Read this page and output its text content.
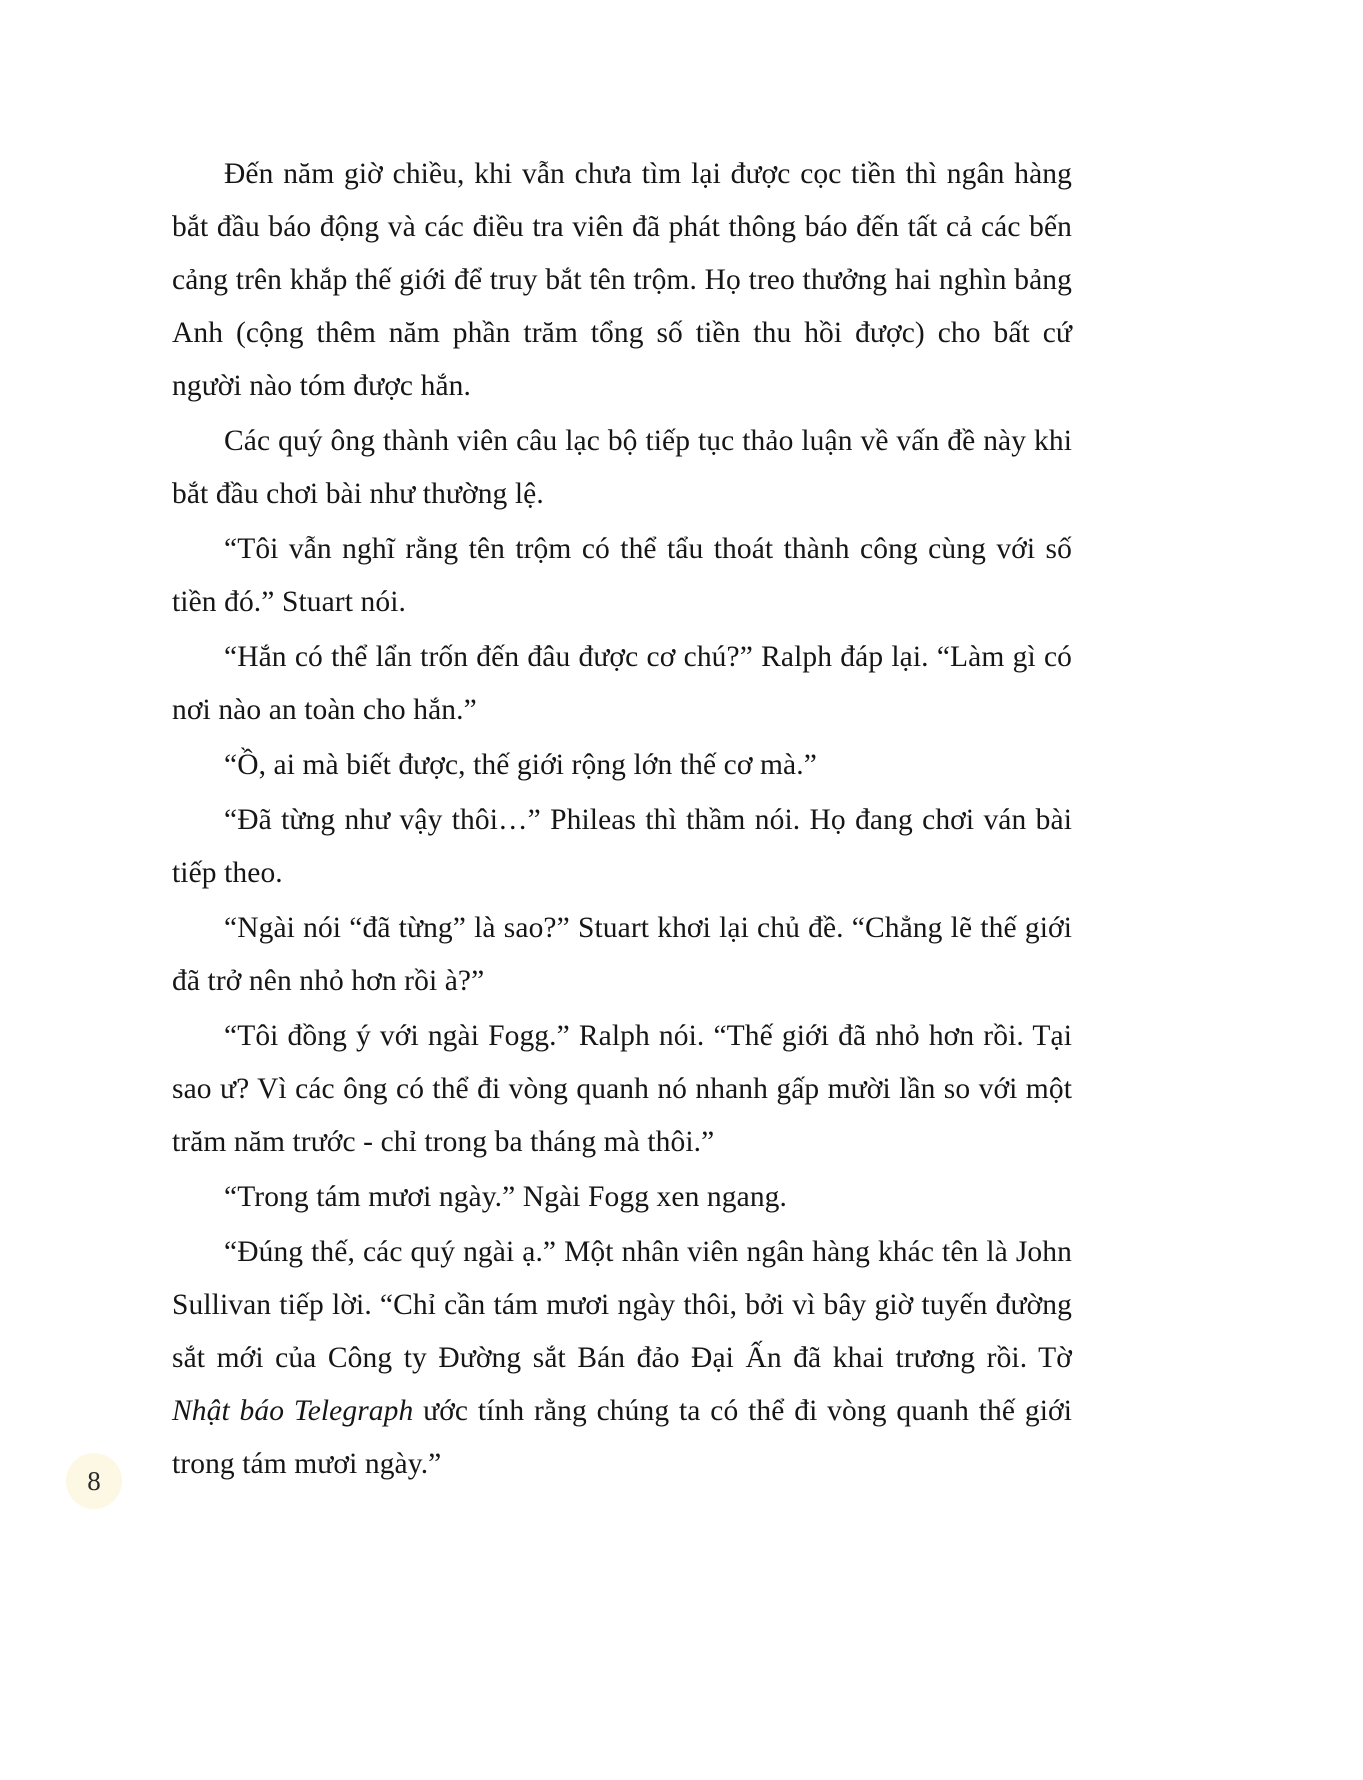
Đến năm giờ chiều, khi vẫn chưa tìm lại được cọc tiền thì ngân hàng bắt đầu báo động và các điều tra viên đã phát thông báo đến tất cả các bến cảng trên khắp thế giới để truy bắt tên trộm. Họ treo thưởng hai nghìn bảng Anh (cộng thêm năm phần trăm tổng số tiền thu hồi được) cho bất cứ người nào tóm được hắn.

Các quý ông thành viên câu lạc bộ tiếp tục thảo luận về vấn đề này khi bắt đầu chơi bài như thường lệ.

“Tôi vẫn nghĩ rằng tên trộm có thể tẩu thoát thành công cùng với số tiền đó.” Stuart nói.

“Hắn có thể lẩn trốn đến đâu được cơ chú?” Ralph đáp lại. “Làm gì có nơi nào an toàn cho hắn.”

“Ồ, ai mà biết được, thế giới rộng lớn thế cơ mà.”

“Đã từng như vậy thôi…” Phileas thì thầm nói. Họ đang chơi ván bài tiếp theo.

“Ngài nói “đã từng” là sao?” Stuart khơi lại chủ đề. “Chẳng lẽ thế giới đã trở nên nhỏ hơn rồi à?”

“Tôi đồng ý với ngài Fogg.” Ralph nói. “Thế giới đã nhỏ hơn rồi. Tại sao ư? Vì các ông có thể đi vòng quanh nó nhanh gấp mười lần so với một trăm năm trước - chỉ trong ba tháng mà thôi.”

“Trong tám mươi ngày.” Ngài Fogg xen ngang.

“Đúng thế, các quý ngài ạ.” Một nhân viên ngân hàng khác tên là John Sullivan tiếp lời. “Chỉ cần tám mươi ngày thôi, bởi vì bây giờ tuyến đường sắt mới của Công ty Đường sắt Bán đảo Đại Ấn đã khai trương rồi. Tờ Nhật báo Telegraph ước tính rằng chúng ta có thể đi vòng quanh thế giới trong tám mươi ngày.”

8
